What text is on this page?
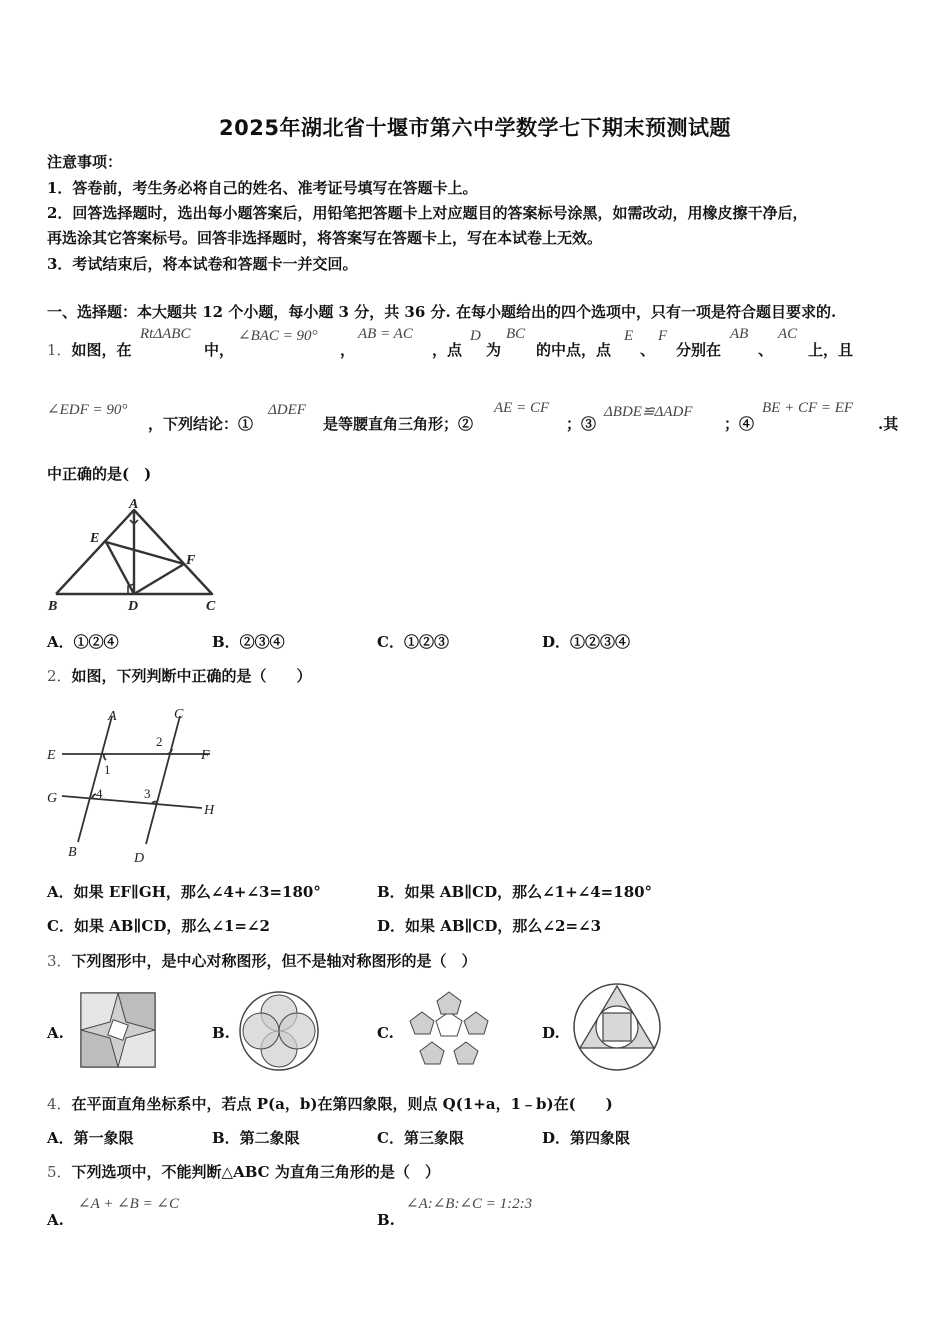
2025年湖北省十堰市第六中学数学七下期末预测试题
注意事项：
1．答卷前，考生务必将自己的姓名、准考证号填写在答题卡上。
2．回答选择题时，选出每小题答案后，用铅笔把答题卡上对应题目的答案标号涂黑，如需改动，用橡皮擦干净后，
再选涂其它答案标号。回答非选择题时，将答案写在答题卡上，写在本试卷上无效。
3．考试结束后，将本试卷和答题卡一并交回。
一、选择题：本大题共 12 个小题，每小题 3 分，共 36 分. 在每小题给出的四个选项中，只有一项是符合题目要求的.
1．如图，在
RtΔABC
中，
∠BAC = 90°
，
AB = AC
，点
D
为
BC
的中点，点
E
、
F
分别在
AB
、
AC
上，且
∠EDF = 90°
，下列结论：①
ΔDEF
是等腰直角三角形；②
AE = CF
；③
ΔBDE≌ΔADF
；④
BE + CF = EF
.其
中正确的是(　)
A
B	C
D
E
F
A．①②④	B．②③④	C．①②③	D．①②③④
2．如图，下列判断中正确的是（　　）
A
B
C
D
E	F
G
H
1
2
3
4
A．如果 EF∥GH，那么∠4+∠3=180°	B．如果 AB∥CD，那么∠1+∠4=180°
C．如果 AB∥CD，那么∠1=∠2	D．如果 AB∥CD，那么∠2=∠3
3．下列图形中，是中心对称图形，但不是轴对称图形的是（　）
A.	B.	C.	D.
4．在平面直角坐标系中，若点 P(a，b)在第四象限，则点 Q(1+a，1﹣b)在(　　)
A．第一象限	B．第二象限	C．第三象限	D．第四象限
5．下列选项中，不能判断△ABC 为直角三角形的是（　）
A.
∠A + ∠B = ∠C
B.
∠A:∠B:∠C = 1:2:3
